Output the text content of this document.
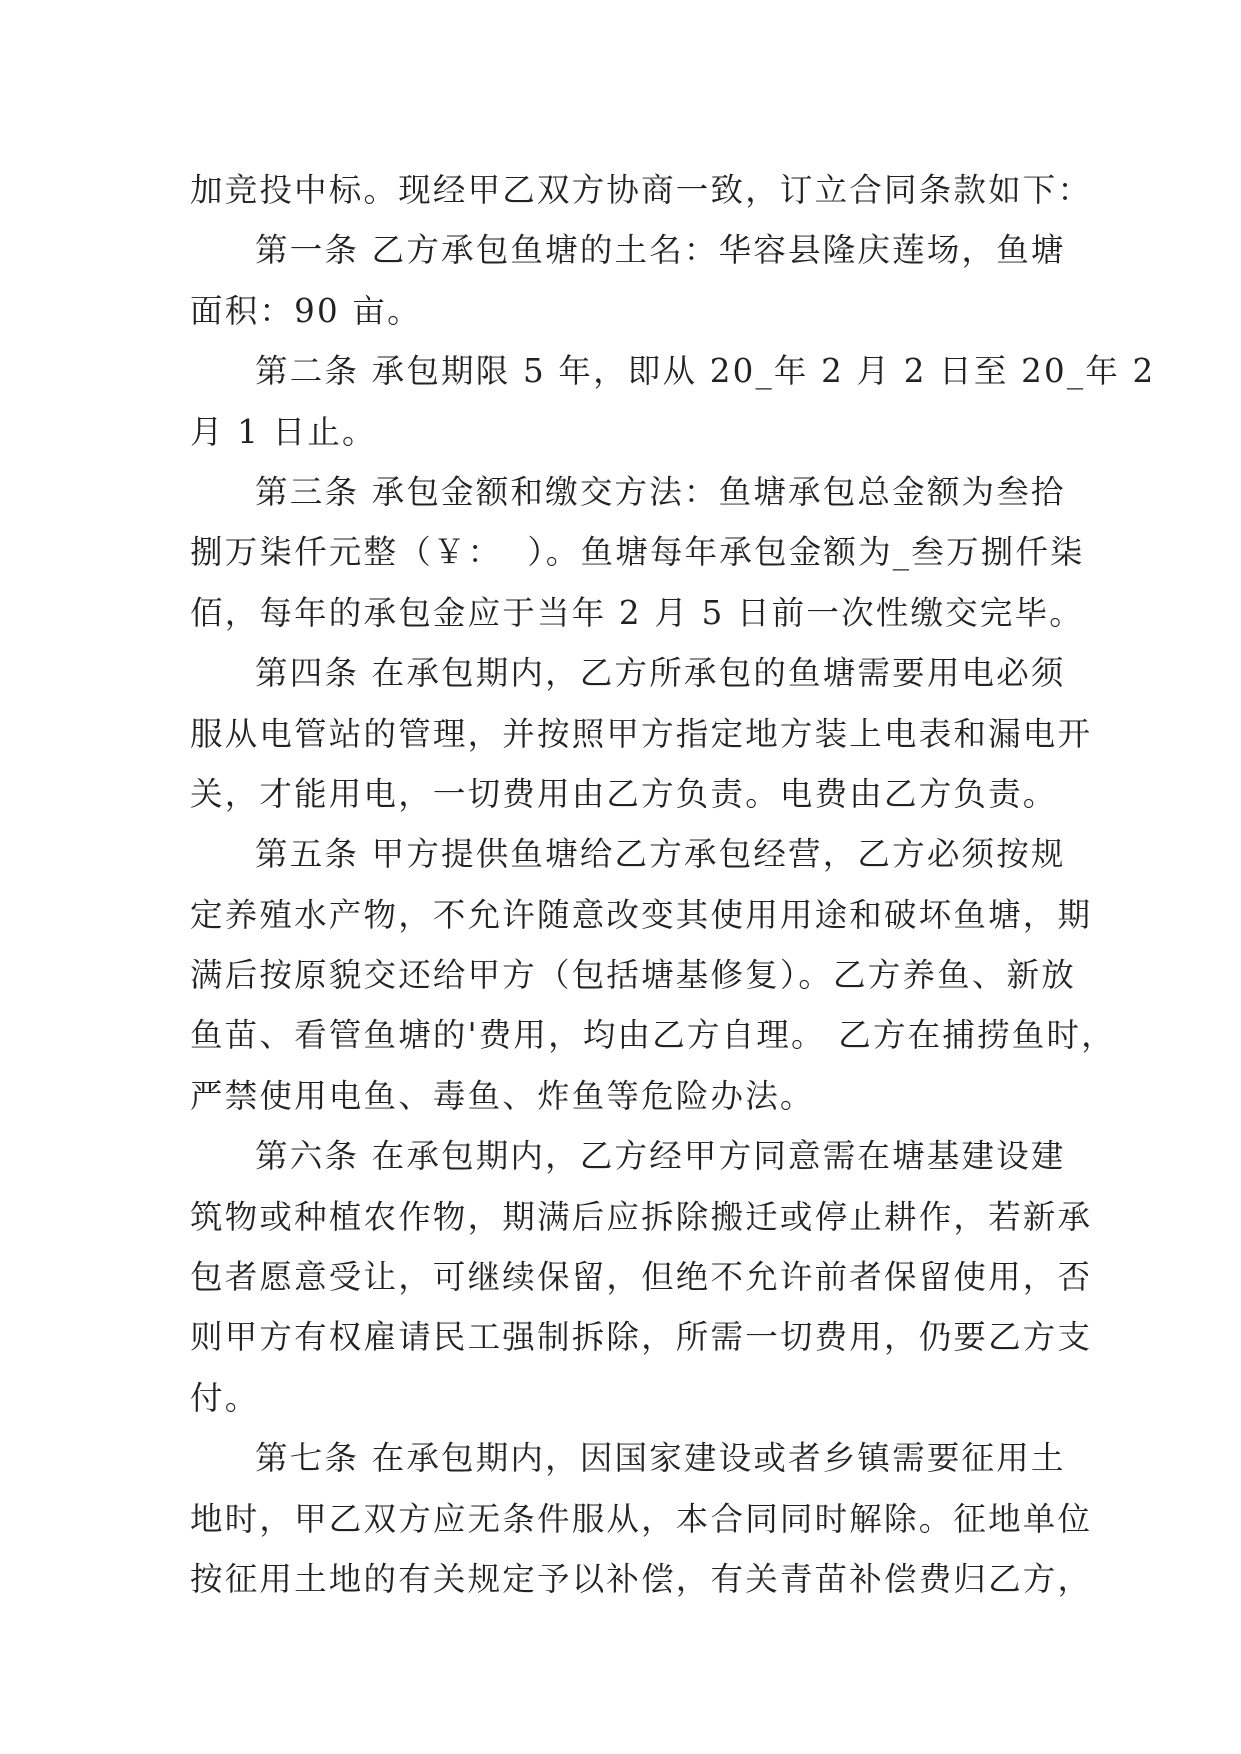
加竞投中标。现经甲乙双方协商一致，订立合同条款如下：
第一条 乙方承包鱼塘的土名：华容县隆庆莲场，鱼塘
面积：90 亩。
第二条 承包期限 5 年，即从 20_年 2 月 2 日至 20_年 2
月 1 日止。
第三条 承包金额和缴交方法：鱼塘承包总金额为叁拾
捌万柒仟元整（￥：  ）。鱼塘每年承包金额为_叁万捌仟柒
佰，每年的承包金应于当年 2 月 5 日前一次性缴交完毕。
第四条 在承包期内，乙方所承包的鱼塘需要用电必须
服从电管站的管理，并按照甲方指定地方装上电表和漏电开
关，才能用电，一切费用由乙方负责。电费由乙方负责。
第五条 甲方提供鱼塘给乙方承包经营，乙方必须按规
定养殖水产物，不允许随意改变其使用用途和破坏鱼塘，期
满后按原貌交还给甲方（包括塘基修复）。乙方养鱼、新放
鱼苗、看管鱼塘的'费用，均由乙方自理。 乙方在捕捞鱼时，
严禁使用电鱼、毒鱼、炸鱼等危险办法。
第六条 在承包期内，乙方经甲方同意需在塘基建设建
筑物或种植农作物，期满后应拆除搬迁或停止耕作，若新承
包者愿意受让，可继续保留，但绝不允许前者保留使用，否
则甲方有权雇请民工强制拆除，所需一切费用，仍要乙方支
付。
第七条 在承包期内，因国家建设或者乡镇需要征用土
地时，甲乙双方应无条件服从，本合同同时解除。征地单位
按征用土地的有关规定予以补偿，有关青苗补偿费归乙方，
